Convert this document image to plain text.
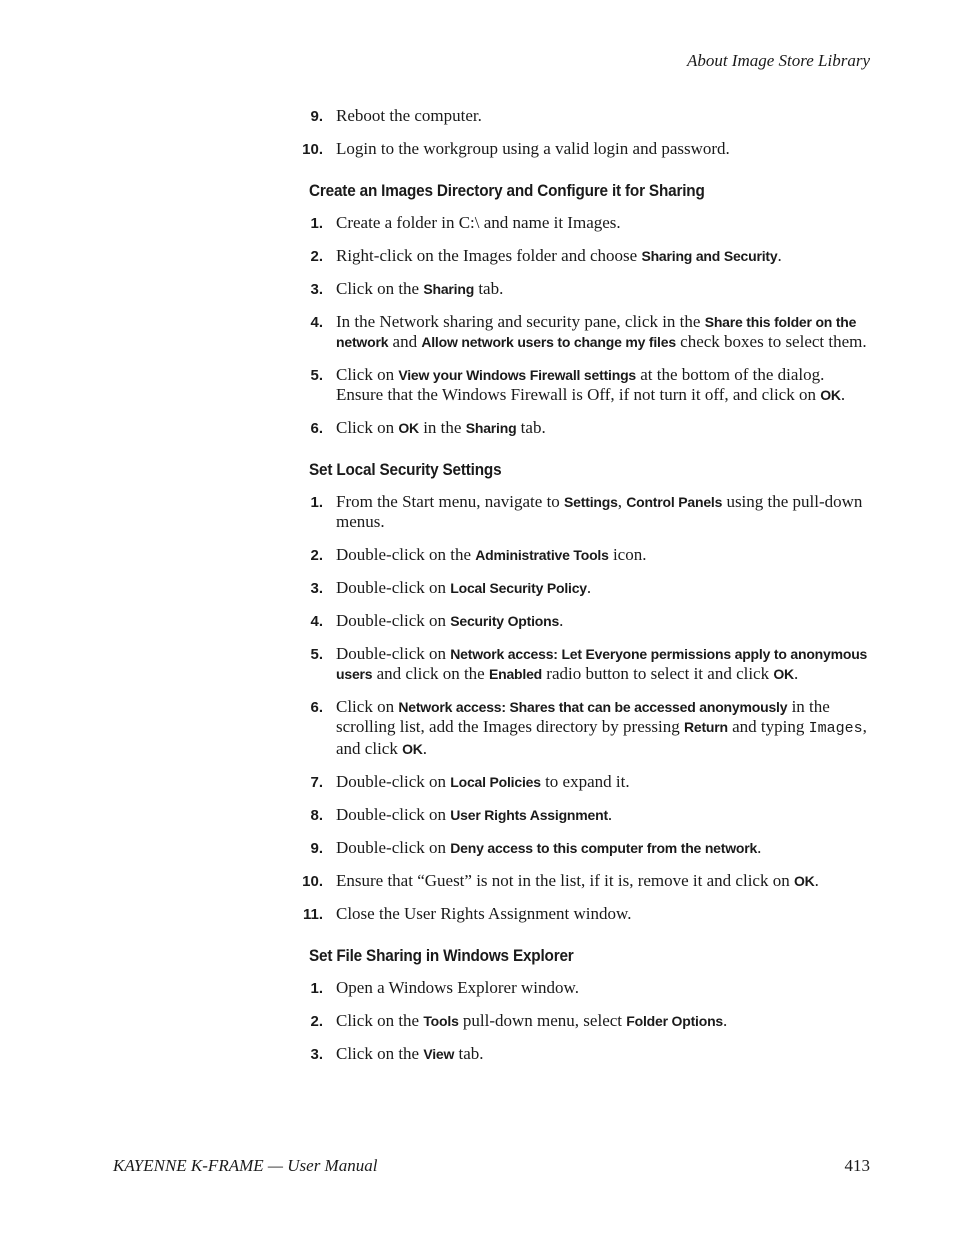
About Image Store Library
9. Reboot the computer.
10. Login to the workgroup using a valid login and password.
Create an Images Directory and Configure it for Sharing
1. Create a folder in C:\ and name it Images.
2. Right-click on the Images folder and choose Sharing and Security.
3. Click on the Sharing tab.
4. In the Network sharing and security pane, click in the Share this folder on the network and Allow network users to change my files check boxes to select them.
5. Click on View your Windows Firewall settings at the bottom of the dialog. Ensure that the Windows Firewall is Off, if not turn it off, and click on OK.
6. Click on OK in the Sharing tab.
Set Local Security Settings
1. From the Start menu, navigate to Settings, Control Panels using the pull-down menus.
2. Double-click on the Administrative Tools icon.
3. Double-click on Local Security Policy.
4. Double-click on Security Options.
5. Double-click on Network access: Let Everyone permissions apply to anonymous users and click on the Enabled radio button to select it and click OK.
6. Click on Network access: Shares that can be accessed anonymously in the scrolling list, add the Images directory by pressing Return and typing Images, and click OK.
7. Double-click on Local Policies to expand it.
8. Double-click on User Rights Assignment.
9. Double-click on Deny access to this computer from the network.
10. Ensure that “Guest” is not in the list, if it is, remove it and click on OK.
11. Close the User Rights Assignment window.
Set File Sharing in Windows Explorer
1. Open a Windows Explorer window.
2. Click on the Tools pull-down menu, select Folder Options.
3. Click on the View tab.
KAYENNE K-FRAME — User Manual	413
